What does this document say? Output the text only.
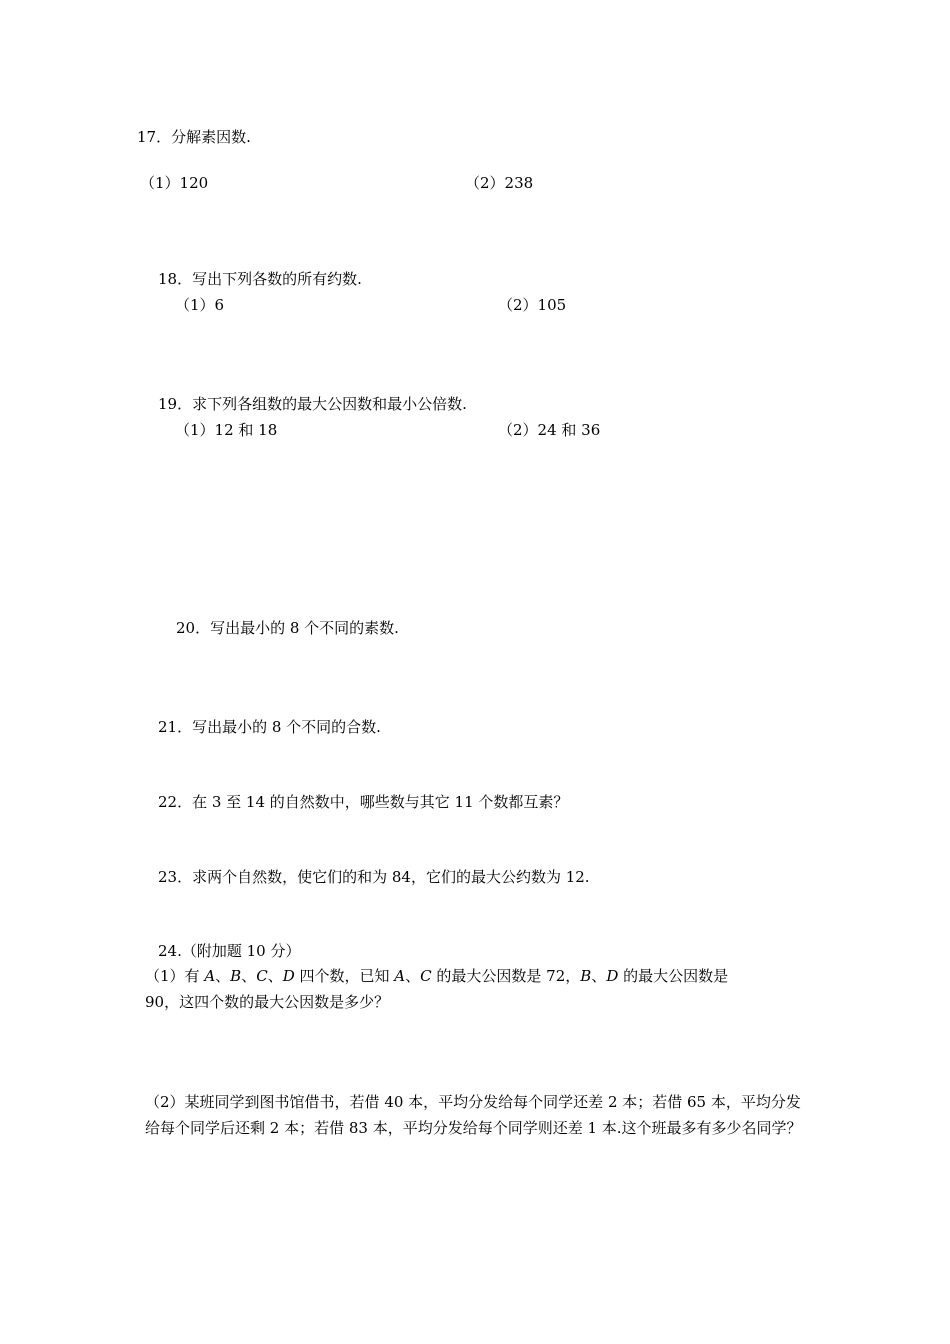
17．分解素因数.
（1）120	（2）238
18．写出下列各数的所有约数.
（1）6	（2）105
19．求下列各组数的最大公因数和最小公倍数.
（1）12 和 18	（2）24 和 36
20．写出最小的 8 个不同的素数.
21．写出最小的 8 个不同的合数.
22．在 3 至 14 的自然数中，哪些数与其它 11 个数都互素？
23．求两个自然数，使它们的和为 84，它们的最大公约数为 12.
24.（附加题 10 分）
（1）有 A、B、C、D 四个数，已知 A、C 的最大公因数是 72，B、D 的最大公因数是
90，这四个数的最大公因数是多少？
（2）某班同学到图书馆借书，若借 40 本，平均分发给每个同学还差 2 本；若借 65 本，平均分发给每个同学后还剩 2 本；若借 83 本，平均分发给每个同学则还差 1 本.这个班最多有多少名同学？
